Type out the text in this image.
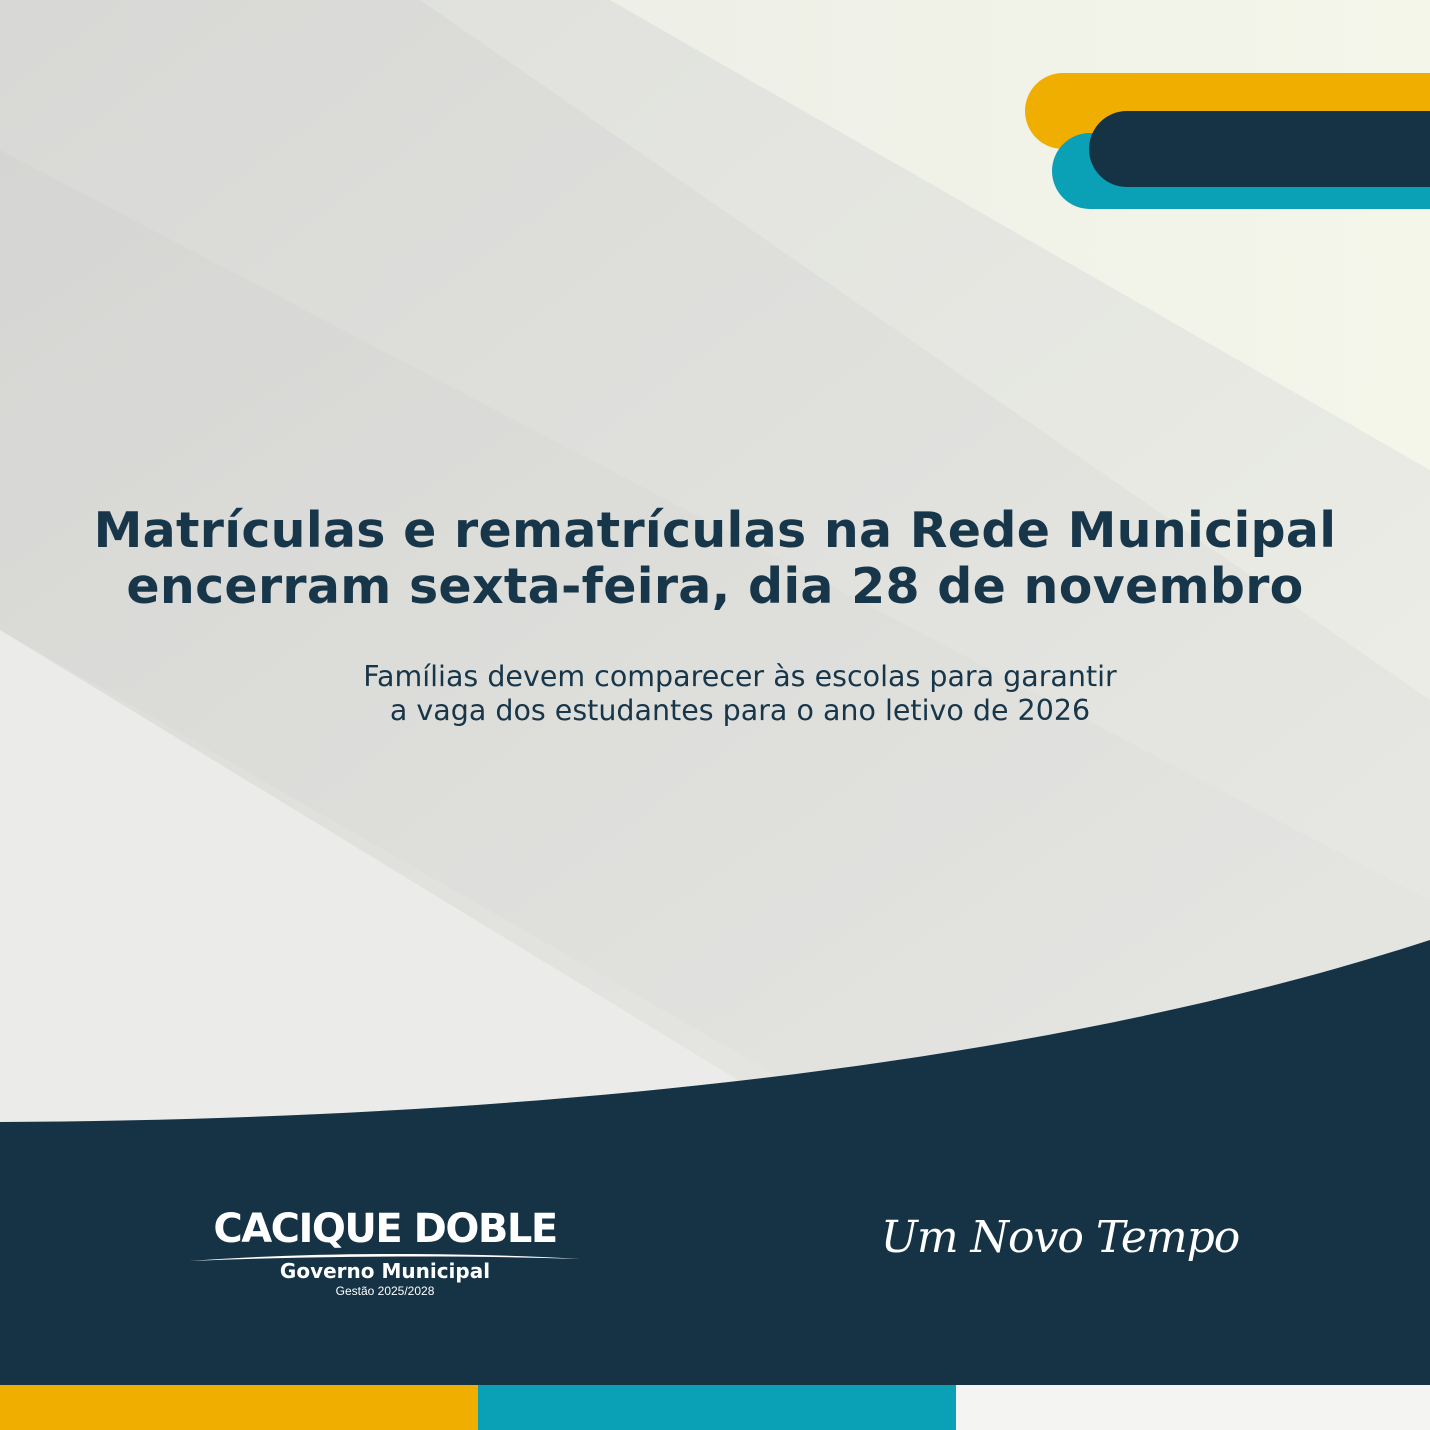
Matrículas e rematrículas na Rede Municipal
encerram sexta-feira, dia 28 de novembro
Famílias devem comparecer às escolas para garantir
a vaga dos estudantes para o ano letivo de 2026
CACIQUE DOBLE
Governo Municipal
Gestão 2025/2028
Um Novo Tempo
